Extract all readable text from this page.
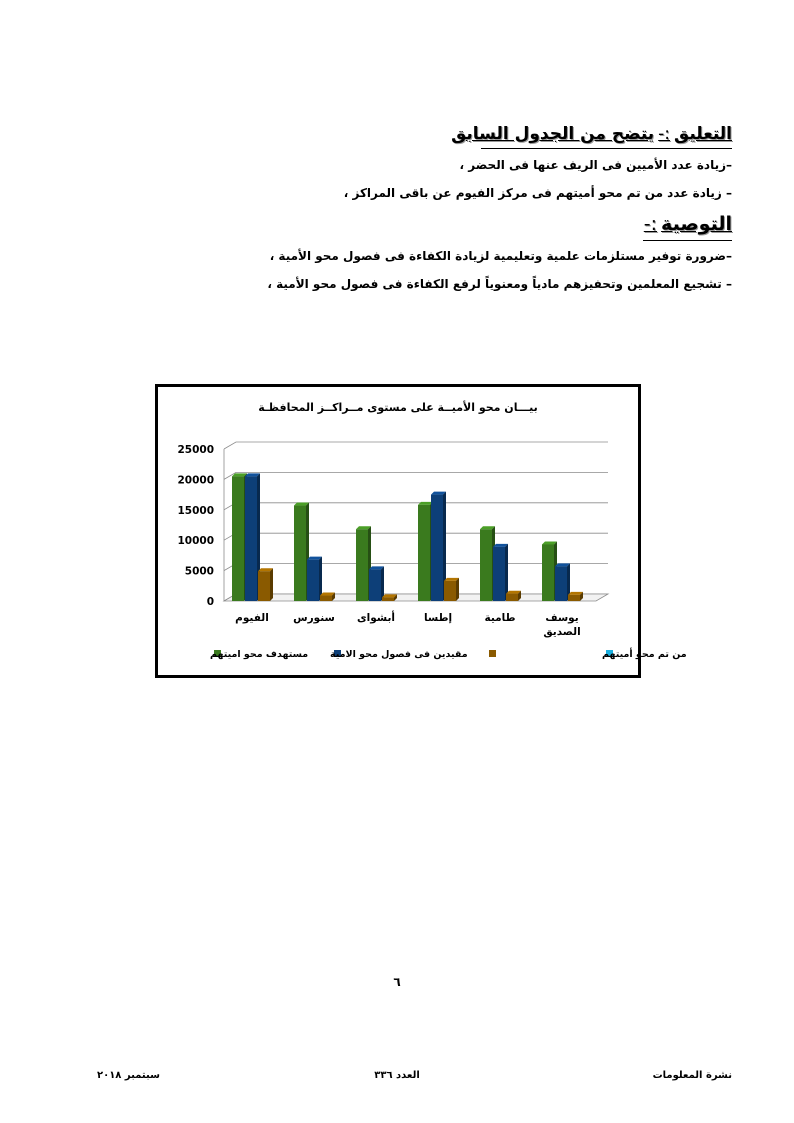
التعليق:-يتضح من الجدول السابق
–زيادة عدد الأميين فى الريف عنها فى الحضر ،
– زيادة عدد من تم محو أميتهم فى مركز الفيوم عن باقى المراكز ،
التوصية:-
–ضرورة توفير مستلزمات علمية وتعليمية لزيادة الكفاءة فى فصول محو الأمية ،
– تشجيع المعلمين وتحفيزهم مادياً ومعنوياً لرفع الكفاءة فى فصول محو الأمية ،
بيـــان محو الأميــة على مستوى مــراكــز المحافظـة
0
5000
10000
15000
20000
25000
الفيوم سنورس أبشواى	إطسا	طامية	يوسف الصديق
مستهدف محو اميتهم مقيدين فى فصول محو الامية	من تم محو أميتهم
٦
نشرة المعلومات
العدد ٣٣٦
سبتمبر ٢٠١٨
